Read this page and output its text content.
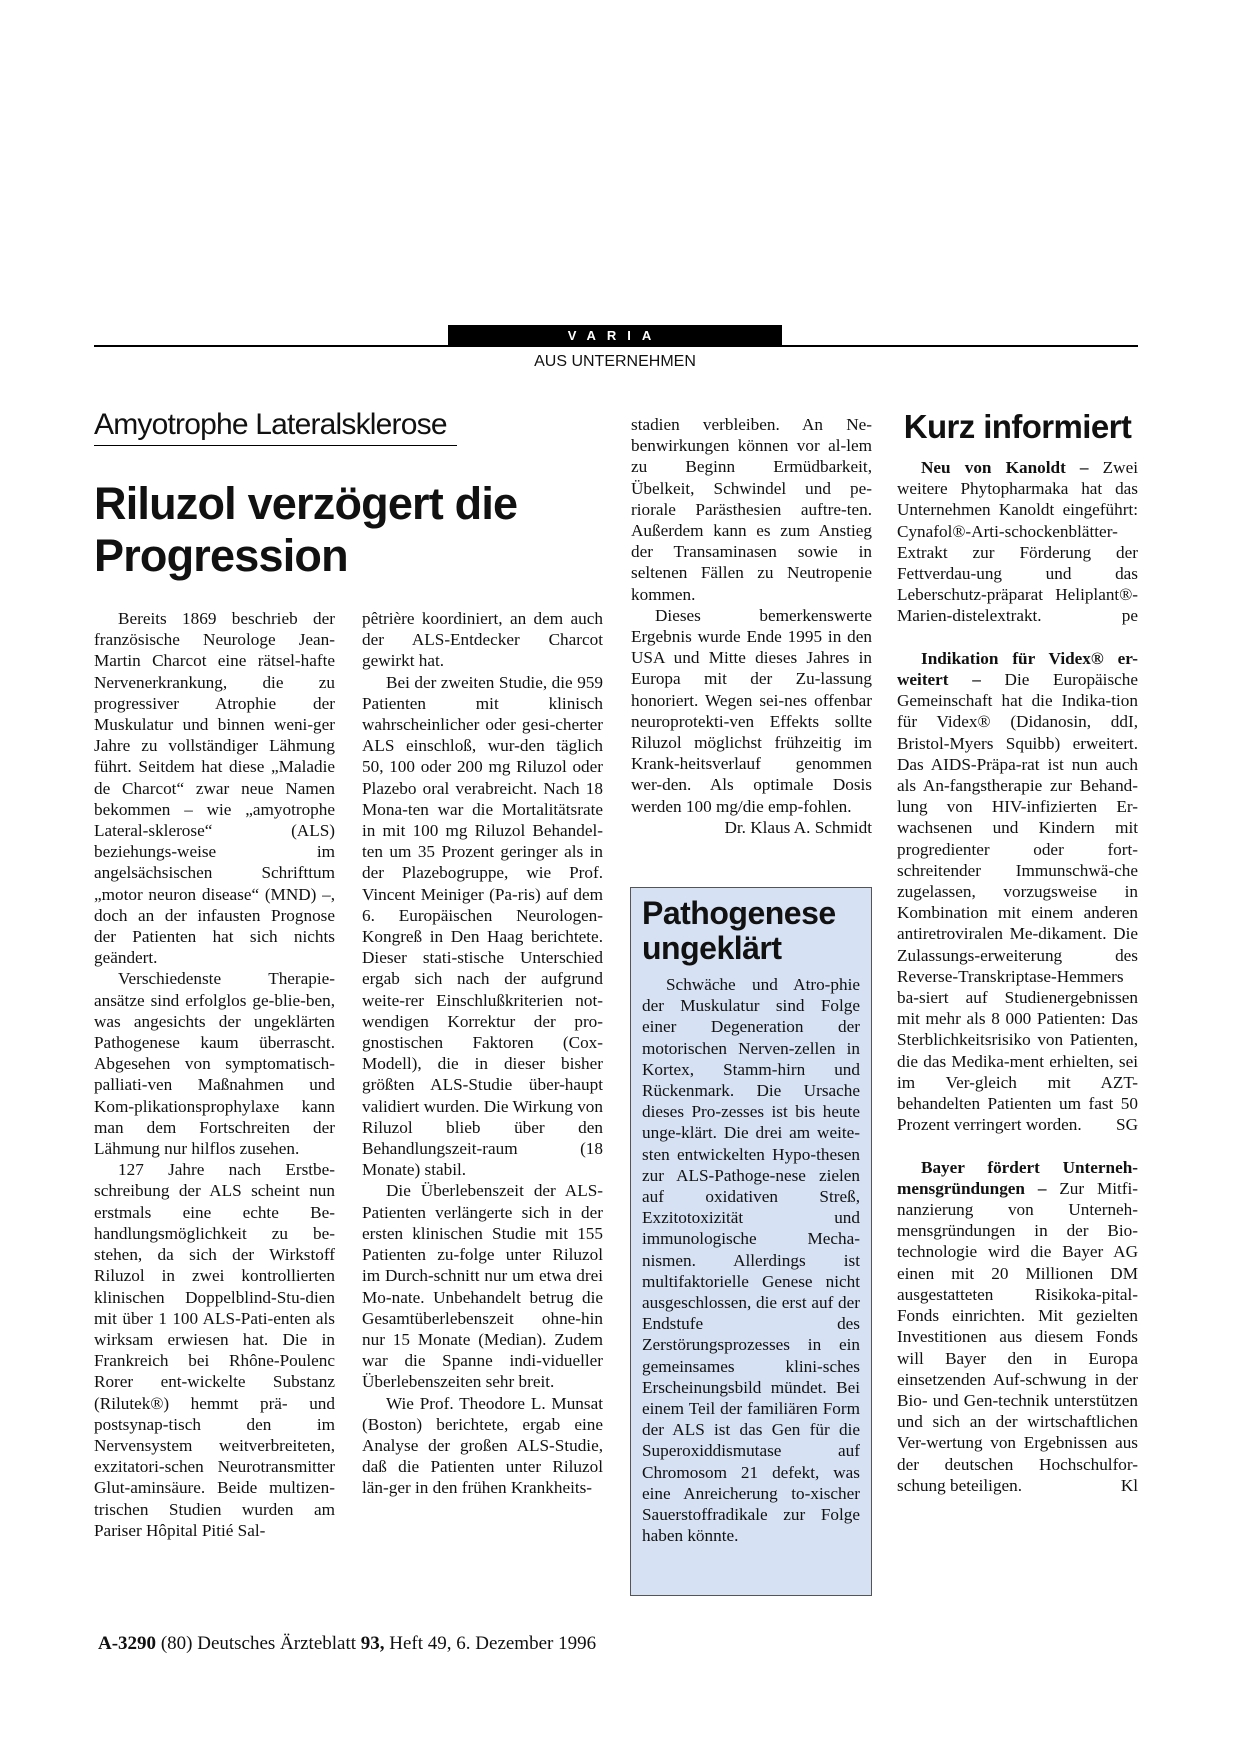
VARIA
AUS UNTERNEHMEN
Amyotrophe Lateralsklerose
Riluzol verzögert die
Progression

Bereits 1869 beschrieb der französische Neurologe Jean-Martin Charcot eine rätsel-hafte Nervenerkrankung, die zu progressiver Atrophie der Muskulatur und binnen weni-ger Jahre zu vollständiger Lähmung führt. Seitdem hat diese „Maladie de Charcot“ zwar neue Namen bekommen – wie „amyotrophe Lateral-sklerose“ (ALS) beziehungs-weise im angelsächsischen Schrifttum „motor neuron disease“ (MND) –, doch an der infausten Prognose der Patienten hat sich nichts geändert.

Verschiedenste Therapie-ansätze sind erfolglos ge-blie-ben, was angesichts der ungeklärten Pathogenese kaum überrascht. Abgesehen von symptomatisch-palliati-ven Maßnahmen und Kom-plikationsprophylaxe kann man dem Fortschreiten der Lähmung nur hilflos zusehen.

127 Jahre nach Erstbe-schreibung der ALS scheint nun erstmals eine echte Be-handlungsmöglichkeit zu be-stehen, da sich der Wirkstoff Riluzol in zwei kontrollierten klinischen Doppelblind-Stu-dien mit über 1 100 ALS-Pati-enten als wirksam erwiesen hat. Die in Frankreich bei Rhône-Poulenc Rorer ent-wickelte Substanz (Rilutek®) hemmt prä- und postsynap-tisch den im Nervensystem weitverbreiteten, exzitatori-schen Neurotransmitter Glut-aminsäure. Beide multizen-trischen Studien wurden am Pariser Hôpital Pitié Sal-

pêtrière koordiniert, an dem auch der ALS-Entdecker Charcot gewirkt hat.

Bei der zweiten Studie, die 959 Patienten mit klinisch wahrscheinlicher oder gesi-cherter ALS einschloß, wur-den täglich 50, 100 oder 200 mg Riluzol oder Plazebo oral verabreicht. Nach 18 Mona-ten war die Mortalitätsrate in mit 100 mg Riluzol Behandel-ten um 35 Prozent geringer als in der Plazebogruppe, wie Prof. Vincent Meiniger (Pa-ris) auf dem 6. Europäischen Neurologen-Kongreß in Den Haag berichtete. Dieser stati-stische Unterschied ergab sich nach der aufgrund weite-rer Einschlußkriterien not-wendigen Korrektur der pro-gnostischen Faktoren (Cox-Modell), die in dieser bisher größten ALS-Studie über-haupt validiert wurden. Die Wirkung von Riluzol blieb über den Behandlungszeit-raum (18 Monate) stabil.

Die Überlebenszeit der ALS-Patienten verlängerte sich in der ersten klinischen Studie mit 155 Patienten zu-folge unter Riluzol im Durch-schnitt nur um etwa drei Mo-nate. Unbehandelt betrug die Gesamtüberlebenszeit ohne-hin nur 15 Monate (Median). Zudem war die Spanne indi-vidueller Überlebenszeiten sehr breit.

Wie Prof. Theodore L. Munsat (Boston) berichtete, ergab eine Analyse der großen ALS-Studie, daß die Patienten unter Riluzol län-ger in den frühen Krankheits-

stadien verbleiben. An Ne-benwirkungen können vor al-lem zu Beginn Ermüdbarkeit, Übelkeit, Schwindel und pe-riorale Parästhesien auftre-ten. Außerdem kann es zum Anstieg der Transaminasen sowie in seltenen Fällen zu Neutropenie kommen.

Dieses bemerkenswerte Ergebnis wurde Ende 1995 in den USA und Mitte dieses Jahres in Europa mit der Zu-lassung honoriert. Wegen sei-nes offenbar neuroprotekti-ven Effekts sollte Riluzol möglichst frühzeitig im Krank-heitsverlauf genommen wer-den. Als optimale Dosis werden 100 mg/die emp-fohlen.
Dr. Klaus A. Schmidt

Pathogenese
ungeklärt

Schwäche und Atro-phie der Muskulatur sind Folge einer Degeneration der motorischen Nerven-zellen in Kortex, Stamm-hirn und Rückenmark. Die Ursache dieses Pro-zesses ist bis heute unge-klärt. Die drei am weite-sten entwickelten Hypo-thesen zur ALS-Pathoge-nese zielen auf oxidativen Streß, Exzitotoxizität und immunologische Mecha-nismen. Allerdings ist multifaktorielle Genese nicht ausgeschlossen, die erst auf der Endstufe des Zerstörungsprozesses in ein gemeinsames klini-sches Erscheinungsbild mündet. Bei einem Teil der familiären Form der ALS ist das Gen für die Superoxiddismutase auf Chromosom 21 defekt, was eine Anreicherung to-xischer Sauerstoffradikale zur Folge haben könnte.

Kurz informiert

Neu von Kanoldt – Zwei weitere Phytopharmaka hat das Unternehmen Kanoldt eingeführt: Cynafol®-Arti-schockenblätter-Extrakt zur Förderung der Fettverdau-ung und das Leberschutz-präparat Heliplant®-Marien-distelextrakt.	pe

Indikation für Videx® er-weitert – Die Europäische Gemeinschaft hat die Indika-tion für Videx® (Didanosin, ddI, Bristol-Myers Squibb) erweitert. Das AIDS-Präpa-rat ist nun auch als An-fangstherapie zur Behand-lung von HIV-infizierten Er-wachsenen und Kindern mit progredienter oder fort-schreitender Immunschwä-che zugelassen, vorzugsweise in Kombination mit einem anderen antiretroviralen Me-dikament. Die Zulassungs-erweiterung des Reverse-Transkriptase-Hemmers ba-siert auf Studienergebnissen mit mehr als 8 000 Patienten: Das Sterblichkeitsrisiko von Patienten, die das Medika-ment erhielten, sei im Ver-gleich mit AZT-behandelten Patienten um fast 50 Prozent verringert worden.	SG

Bayer fördert Unterneh-mensgründungen – Zur Mitfi-nanzierung von Unterneh-mensgründungen in der Bio-technologie wird die Bayer AG einen mit 20 Millionen DM ausgestatteten Risikoka-pital-Fonds einrichten. Mit gezielten Investitionen aus diesem Fonds will Bayer den in Europa einsetzenden Auf-schwung in der Bio- und Gen-technik unterstützen und sich an der wirtschaftlichen Ver-wertung von Ergebnissen aus der deutschen Hochschulfor-schung beteiligen.	Kl

A-3290 (80) Deutsches Ärzteblatt 93, Heft 49, 6. Dezember 1996
